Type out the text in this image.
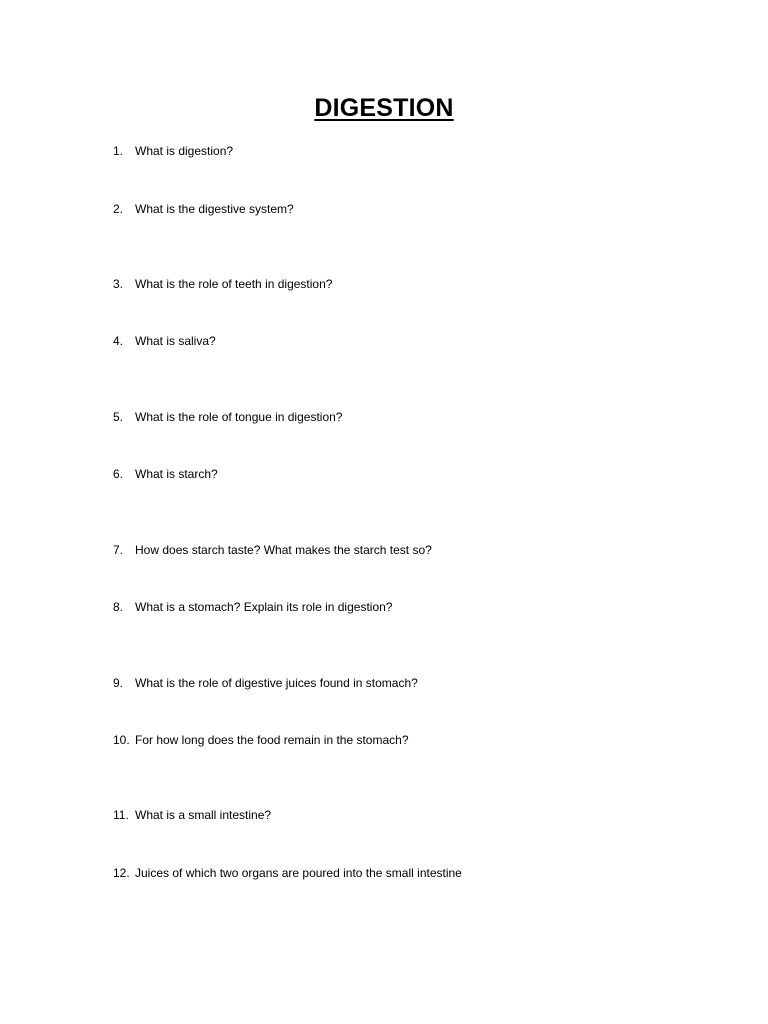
DIGESTION
1. What is digestion?
2. What is the digestive system?
3. What is the role of teeth in digestion?
4. What is saliva?
5. What is the role of tongue in digestion?
6. What is starch?
7. How does starch taste? What makes the starch test so?
8. What is a stomach? Explain its role in digestion?
9. What is the role of digestive juices found in stomach?
10. For how long does the food remain in the stomach?
11. What is a small intestine?
12. Juices of which two organs are poured into the small intestine
